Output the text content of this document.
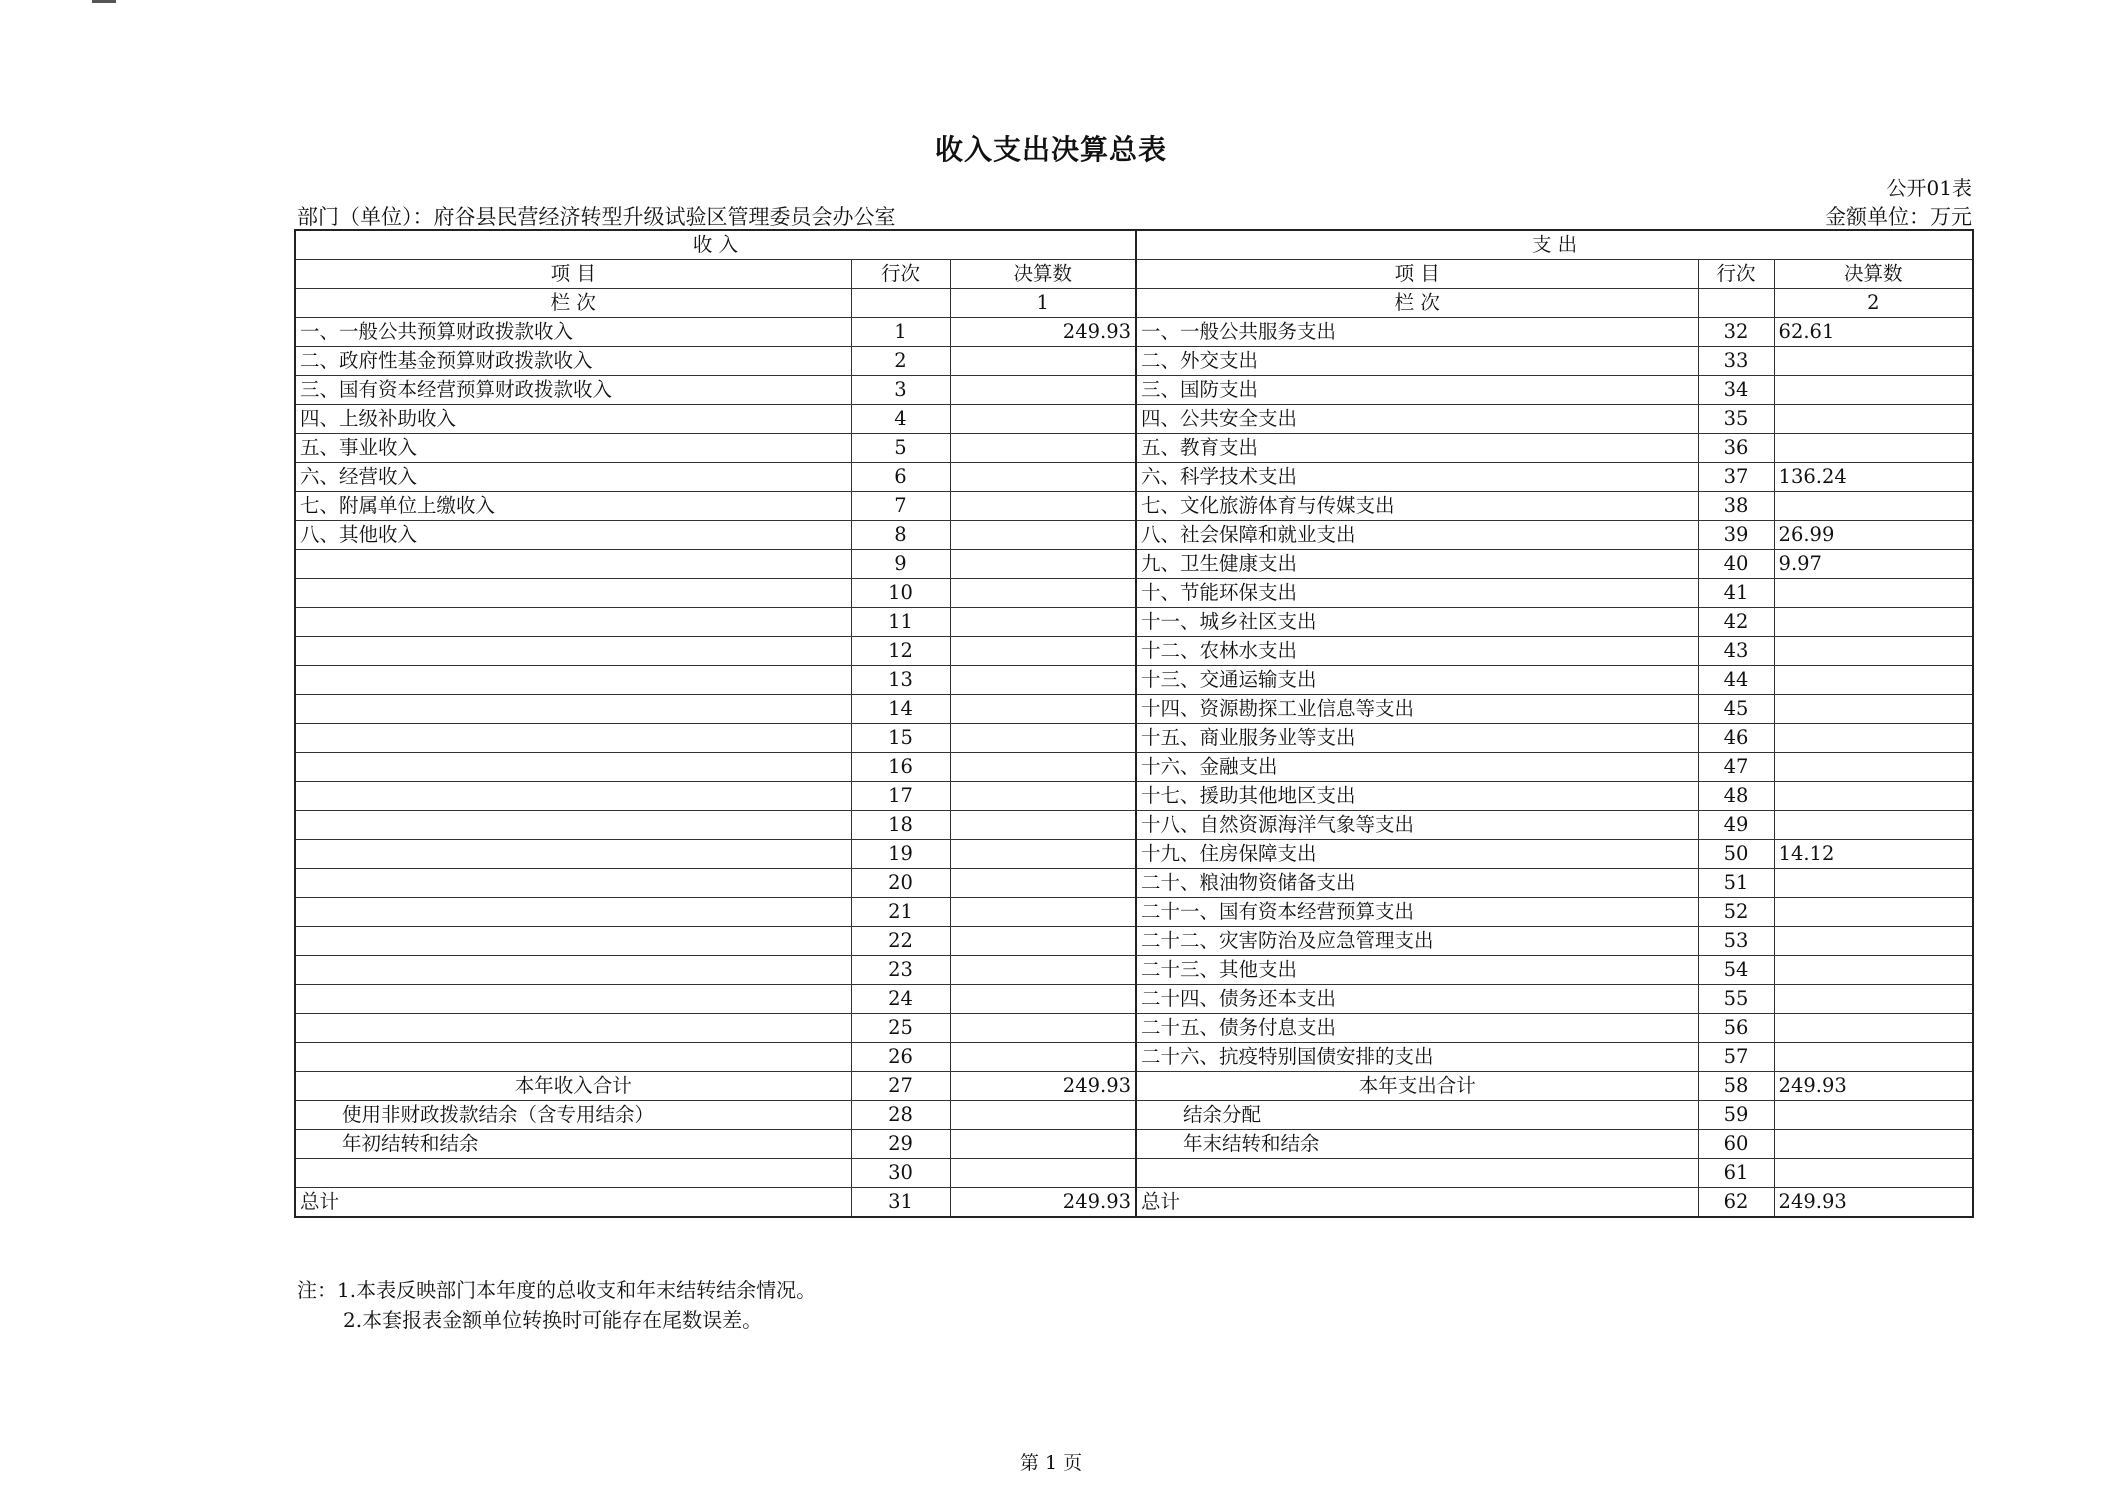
收入支出决算总表
公开01表
部门（单位）：府谷县民营经济转型升级试验区管理委员会办公室	金额单位：万元
收 入			支 出		
项 目	行次	决算数	项 目	行次	决算数
栏 次		1	栏 次		2
一、一般公共预算财政拨款收入	1	249.93	一、一般公共服务支出	32	62.61
二、政府性基金预算财政拨款收入	2		二、外交支出	33	
三、国有资本经营预算财政拨款收入	3		三、国防支出	34	
四、上级补助收入	4		四、公共安全支出	35	
五、事业收入	5		五、教育支出	36	
六、经营收入	6		六、科学技术支出	37	136.24
七、附属单位上缴收入	7		七、文化旅游体育与传媒支出	38	
八、其他收入	8		八、社会保障和就业支出	39	26.99
	9		九、卫生健康支出	40	9.97
	10		十、节能环保支出	41	
	11		十一、城乡社区支出	42	
	12		十二、农林水支出	43	
	13		十三、交通运输支出	44	
	14		十四、资源勘探工业信息等支出	45	
	15		十五、商业服务业等支出	46	
	16		十六、金融支出	47	
	17		十七、援助其他地区支出	48	
	18		十八、自然资源海洋气象等支出	49	
	19		十九、住房保障支出	50	14.12
	20		二十、粮油物资储备支出	51	
	21		二十一、国有资本经营预算支出	52	
	22		二十二、灾害防治及应急管理支出	53	
	23		二十三、其他支出	54	
	24		二十四、债务还本支出	55	
	25		二十五、债务付息支出	56	
	26		二十六、抗疫特别国债安排的支出	57	
本年收入合计	27	249.93	本年支出合计	58	249.93
使用非财政拨款结余（含专用结余）	28		结余分配	59	
年初结转和结余	29		年末结转和结余	60	
	30			61	
总计	31	249.93	总计	62	249.93
注：1.本表反映部门本年度的总收支和年末结转结余情况。
2.本套报表金额单位转换时可能存在尾数误差。
第 1 页
